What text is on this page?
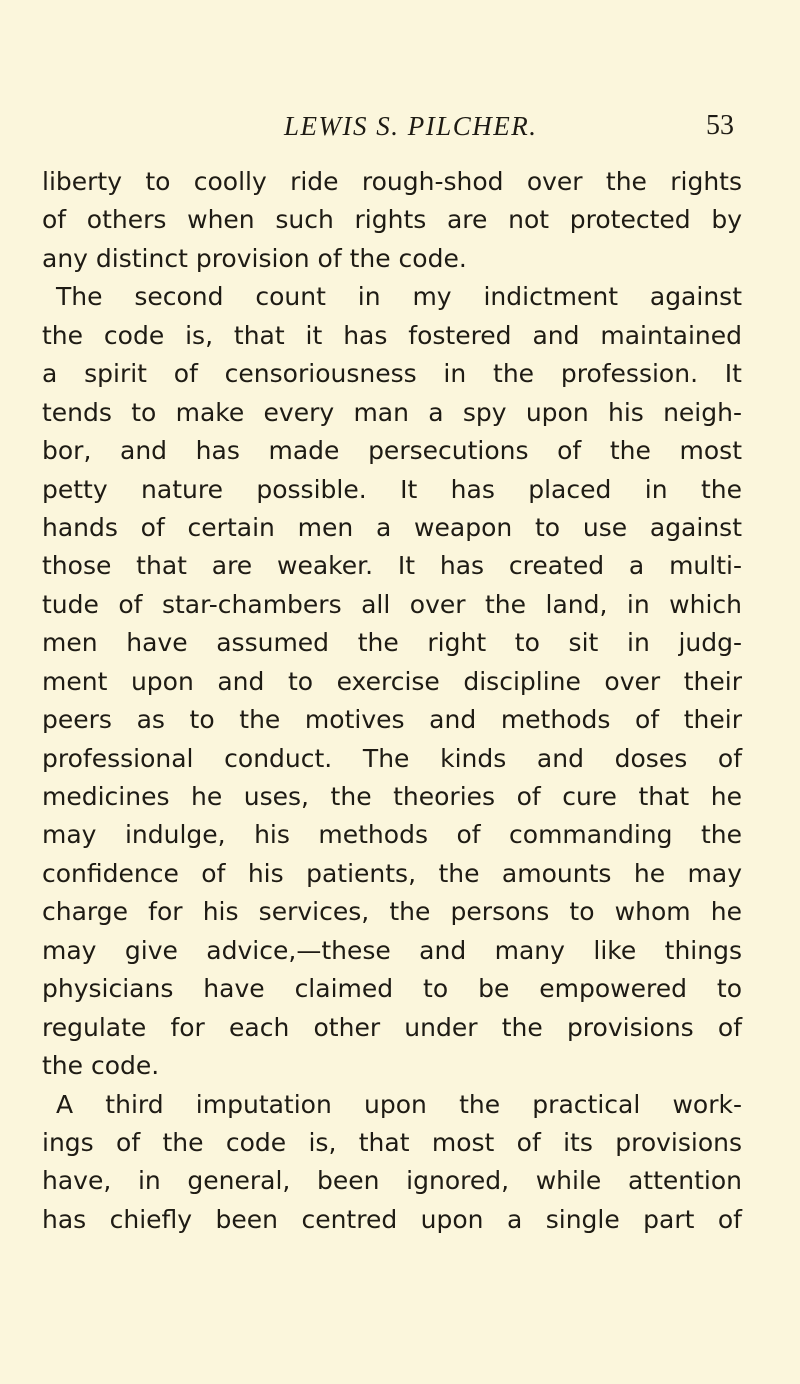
LEWIS S. PILCHER.	53
liberty to coolly ride rough-shod over the rights
of others when such rights are not protected by
any distinct provision of the code.
The second count in my indictment against
the code is, that it has fostered and maintained
a spirit of censoriousness in the profession. It
tends to make every man a spy upon his neigh-
bor, and has made persecutions of the most
petty nature possible. It has placed in the
hands of certain men a weapon to use against
those that are weaker. It has created a multi-
tude of star-chambers all over the land, in which
men have assumed the right to sit in judg-
ment upon and to exercise discipline over their
peers as to the motives and methods of their
professional conduct. The kinds and doses of
medicines he uses, the theories of cure that he
may indulge, his methods of commanding the
confidence of his patients, the amounts he may
charge for his services, the persons to whom he
may give advice,—these and many like things
physicians have claimed to be empowered to
regulate for each other under the provisions of
the code.
A third imputation upon the practical work-
ings of the code is, that most of its provisions
have, in general, been ignored, while attention
has chiefly been centred upon a single part of
